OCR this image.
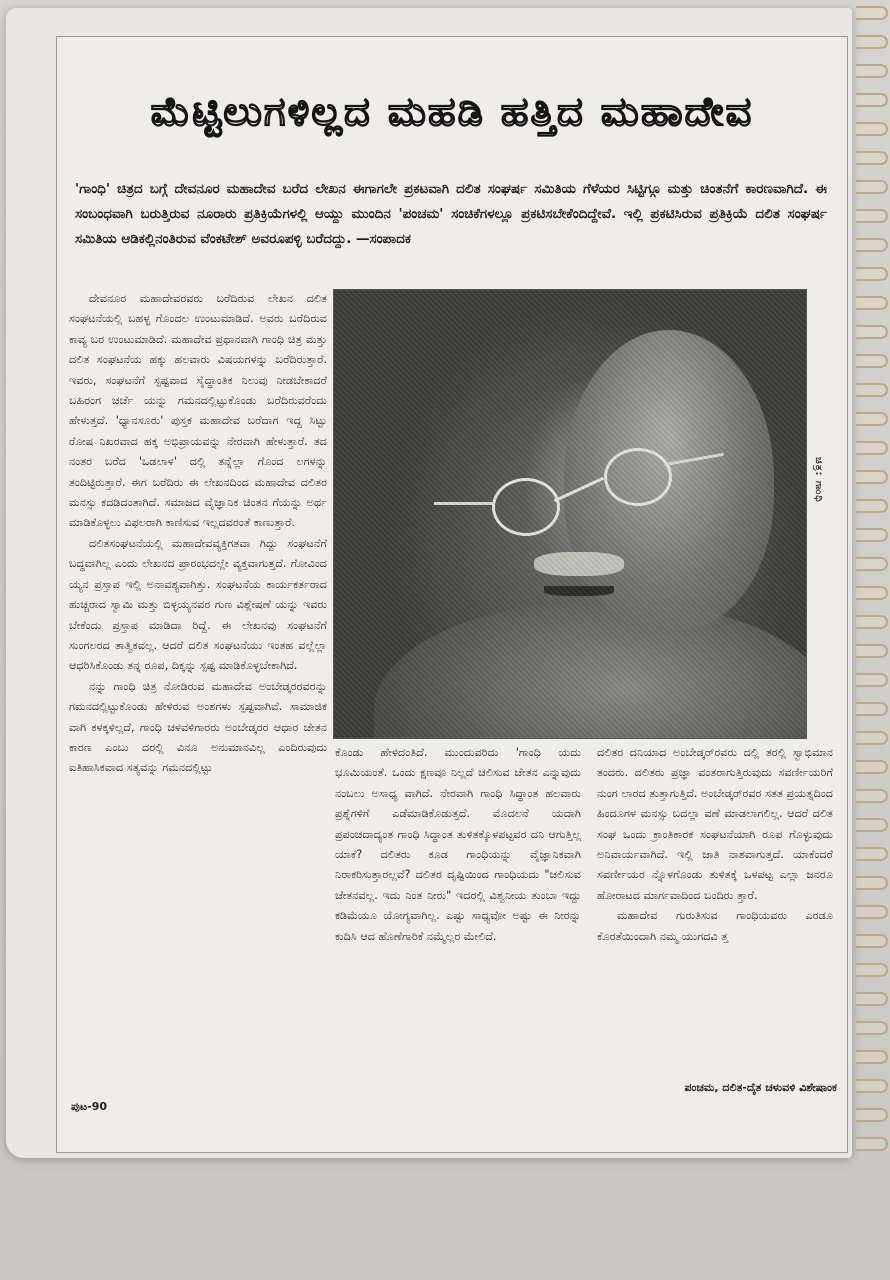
ಮೆಟ್ಟಿಲುಗಳಿಲ್ಲದ ಮಹಡಿ ಹತ್ತಿದ ಮಹಾದೇವ
'ಗಾಂಧಿ' ಚಿತ್ರದ ಬಗ್ಗೆ ದೇವನೂರ ಮಹಾದೇವ ಬರೆದ ಲೇಖನ ಈಗಾಗಲೇ ಪ್ರಕಟವಾಗಿ ದಲಿತ ಸಂಘರ್ಷ ಸಮಿತಿಯ ಗೆಳೆಯರ ಸಿಟ್ಟಿಗ್ಗೂ ಮತ್ತು ಚಿಂತನೆಗೆ ಕಾರಣವಾಗಿದೆ. ಈ ಸಂಬಂಧವಾಗಿ ಬರುತ್ತಿರುವ ನೂರಾರು ಪ್ರತಿಕ್ರಿಯೆಗಳಲ್ಲಿ ಆಯ್ದು ಮುಂದಿನ 'ಪಂಚಮ' ಸಂಚಿಕೆಗಳಲ್ಲೂ ಪ್ರಕಟಿಸಬೇಕೆಂದಿದ್ದೇವೆ. ಇಲ್ಲಿ ಪ್ರಕಟಿಸಿರುವ ಪ್ರತಿಕ್ರಿಯೆ ದಲಿತ ಸಂಘರ್ಷ ಸಮಿತಿಯ ಆಡಿಕಲ್ಲಿನಂತಿರುವ ವೆಂಕಟೇಶ್ ಅವರೂಪಳ್ಳಿ ಬರೆದದ್ದು. —ಸಂಪಾದಕ

ದೇವನೂರ ಮಹಾದೇವರವರು ಬರೆದಿರುವ ಲೇಖನ ದಲಿತ ಸಂಘಟನೆಯಲ್ಲಿ ಬಹಳ್ಳ ಗೊಂದಲ ಉಂಟುಮಾಡಿದೆ. ಅವರು ಬರೆದಿರುವ ಕಾವ್ಯ ಬರ ಉಂಟುಮಾಡಿದೆ. ಮಹಾದೇವ ಪ್ರಧಾನವಾಗಿ ಗಾಂಧಿ ಚಿತ್ರ ಮತ್ತು ದಲಿತ ಸಂಘಟನೆಯ ಹಕ್ಕು ಹಲವಾರು ವಿಷಯಗಳನ್ನು ಬರೆದಿರುತ್ತಾರೆ. ಇವರು, ಸಂಘಟನೆಗೆ ಸ್ಪಷ್ಟವಾದ ಸೈದ್ಧಾಂತಿಕ ನಿಲುವು ನೀಡಬೇಕಾದರೆ ಬಹಿರಂಗ ಚರ್ಚೆ ಯನ್ನು ಗಮನದಲ್ಲಿಟ್ಟುಕೊಂಡು ಬರೆದಿರುವರೆಂದು ಹೇಳುತ್ತದೆ. 'ಧ್ಯಾನಸೂರು' ಪುಸ್ತಕ ಮಹಾದೇವ ಬರೆದಾಗ ಇದ್ದ ಸಿಟ್ಟು ರೋಷ ನಿಖರವಾದ ಹಕ್ಕ ಅಭಿಪ್ರಾಯವನ್ನು ನೇರವಾಗಿ ಹೇಳುತ್ತಾರೆ. ತದ ನಂತರ ಬರೆದ 'ಒಡಲಾಳ' ದಲ್ಲಿ ತನ್ನೆಲ್ಲಾ ಗೊಂದ ಲಗಳನ್ನು ತಂದಿಟ್ಟಿರುತ್ತಾರೆ. ಈಗ ಬರೆದಿರು ಈ ಲೇಖನದಿಂದ ಮಹಾದೇವ ದಲಿತರ ಮನಸ್ಸು ಕದಡಿದಂತಾಗಿದೆ. ಸಮಾಜದ ವೈಜ್ಞಾನಿಕ ಚಿಂತನ ಗೆಯನ್ನು ಅರ್ಥ ಮಾಡಿಕೊಳ್ಳಲು ವಿಫಲರಾಗಿ ಕಾಣಿಸುವ ಇಲ್ಲದವರಂತೆ ಕಾಣುತ್ತಾರೆ.

ದಲಿತಸಂಘಟನೆಯಲ್ಲಿ ಮಹಾದೇವವ್ಯಕ್ತಿಗತವಾ ಗಿದ್ದು ಸಂಘಟನೆಗೆ ಬದ್ಧವಾಗಿಲ್ಲ ಎಂದು ಲೇಖನದ ಪ್ರಾರಂಭದಲ್ಲೇ ವ್ಯಕ್ತವಾಗುತ್ತದೆ. ಗೋವಿಂದ ಯ್ಯನ ಪ್ರಸ್ತಾಪ ಇಲ್ಲಿ ಅನಾವಶ್ಯವಾಗಿತ್ತು. ಸಂಘಟನೆಯ ಕಾರ್ಯಕರ್ತರಾದ ಹುಚ್ಚರಾದ ಸ್ವಾಮಿ ಮತ್ತು ಬಿಳ್ಳಯ್ಯನವರ ಗುಣ ವಿಶ್ಲೇಷಣೆ ಯನ್ನು ಇವರು ಬೇಕೆಂದು ಪ್ರಸ್ತಾಪ ಮಾಡಿದಾ ರಿದ್ದೆ. ಈ ಲೇಖನವು ಸಂಘಟನೆಗೆ ಸುಂಗಲರದ ತಾತ್ವಿಕವಲ್ಲ. ಆದರೆ ದಲಿತ ಸಂಘಟನೆಯು ಇಂತಹ ವಲ್ಲೆಲ್ಲಾ ಆಧರಿಸಿಕೊಂಡು ತನ್ನ ರೂಪ, ದಿಕ್ಕನ್ನು ಸ್ಪಷ್ಟ ಮಾಡಿಕೊಳ್ಳಬೇಕಾಗಿದೆ.

ನನ್ನು ಗಾಂಧಿ ಚಿತ್ರ ನೋಡಿರುವ ಮಹಾದೇವ ಅಂಬೇಡ್ಕರರವರನ್ನು ಗಮನದಲ್ಲಿಟ್ಟುಕೊಂಡು ಹೇಳಿರುವ ಅಂಶಗಳು ಸ್ಪಷ್ಟವಾಗಿವೆ. ಸಾಮಾಜಿಕ ವಾಗಿ ಕಳಕ್ಕಳಿಲ್ಲದೆ, ಗಾಂಧಿ ಚಳವಳಿಗಾರರು ಅಂಬೇಡ್ಕರರ ಆಧಾರ ಚೇತನ ಕಾರಣ ಎಂಬು ದರಲ್ಲಿ ವಿನೂ ಅನುಮಾನವಿಲ್ಲ ಎಂದಿರುವುದು ಐತಿಹಾಸಿಕವಾದ ಸತ್ಯವನ್ನು ಗಮನದಲ್ಲಿಟ್ಟು

ಚಿತ್ರ: ಗಾಂಧಿ

ಕೊಂಡು ಹೇಳಿದಂತಿದೆ. ಮುಂದುವರಿದು 'ಗಾಂಧಿ ಯದು ಭೂಮಿಯಂತೆ. ಒಂದು ಕ್ಷಣವೂ ನಿಲ್ಲದೆ ಚಲಿಸುವ ಚೇತನ ಎನ್ನುವುದು ನಂಬಲು ಅಸಾಧ್ಯ ವಾಗಿದೆ. ನೇರವಾಗಿ ಗಾಂಧಿ ಸಿದ್ಧಾಂತ ಹಲವಾರು ಪ್ರಶ್ನೆಗಳಿಗೆ ಎಡೆಮಾಡಿಕೊಡುತ್ತದೆ. ಮೊದಲನೆ ಯದಾಗಿ ಪ್ರಪಂಚದಾದ್ಯಂತ ಗಾಂಧಿ ಸಿದ್ಧಾಂತ ತುಳಿತಕ್ಕೊಳಪಟ್ಟವರ ದನಿ ಆಗುತ್ತಿಲ್ಲ ಯಾಕೆ? ದಲಿತರು ಕೂಡ ಗಾಂಧಿಯನ್ನು ವೈಜ್ಞಾನಿಕವಾಗಿ ನಿರಾಕರಿಸುತ್ತಾರಲ್ಲವೆ? ದಲಿತರ ದೃಷ್ಟಿಯಿಂದ ಗಾಂಧಿಯದು "ಚಲಿಸುವ ಚೇತನವಲ್ಲ. ಇದು ನಿಂತ ನೀರು" ಇದರಲ್ಲಿ ವಿಶ್ವನೀಯ ತುಂಬಾ ಇದ್ದು ಕಡಿಮೆಯೂ ಯೋಗ್ಯವಾಗಿಲ್ಲ. ಎಷ್ಟು ಸಾಧ್ಯವೋ ಅಷ್ಟು ಈ ನೀರನ್ನು ಕುದಿಸಿ ಆದ ಹೊಣೆಗಾರಿಕೆ ನಮ್ಮೆಲ್ಲರ ಮೇಲಿದೆ.

ದಲಿತರ ದನಿಯಾದ ಅಂಬೇಡ್ಕರ್‌ರವರು ದಲ್ಲಿ ತರಲ್ಲಿ ಸ್ವಾಭಿಮಾನ ತಂದರು. ದಲಿತರು ಪ್ರಜ್ಞಾ ವಂತರಾಗುತ್ತಿರುವುದು ಸವರ್ಣೀಯರಿಗೆ ನುಂಗ ಲಾರದ ತುತ್ತಾಗುತ್ತಿದೆ. ಅಂಬೇಡ್ಕರ್‌ರವರ ಸತತ ಪ್ರಯತ್ನದಿಂದ ಹಿಂದೂಗಳ ಮನಸ್ಸು ಬದಲ್ಲಾ ವಣೆ ಮಾಡಲಾಗಲಿಲ್ಲ. ಆದರೆ ದಲಿತ ಸಂಘ ಒಂದು ಕ್ರಾಂತಿಕಾರಕ ಸಂಘಟನೆಯಾಗಿ ರೂಪ ಗೊಳ್ಳುವುದು ಅನಿವಾರ್ಯವಾಗಿದೆ. ಇಲ್ಲಿ ಜಾತಿ ನಾಶವಾಗುತ್ತದೆ. ಯಾಕೆಂದರೆ ಸವರ್ಣೀಯರ ನ್ನೊಳಗೊಂಡು ತುಳಿತಕ್ಕೆ ಒಳಪಟ್ಟ ಎಲ್ಲಾ ಜನರೂ ಹೋರಾಟದ ಮಾರ್ಗವಾದಿಂದ ಬಂದಿರು ತ್ತಾರೆ.

ಮಹಾದೇವ ಗುರುತಿಸುವ ಗಾಂಧಿಯವರು ಎರಡೂ ಕೊರತೆಯಿಂದಾಗಿ ನಮ್ಮ ಯುಗದವಿ ತ್ತ

ಪಂಚಮ, ದಲಿತ-ದೈತ ಚಳುವಳಿ ವಿಶೇಷಾಂಕ
ಪುಟ-90
